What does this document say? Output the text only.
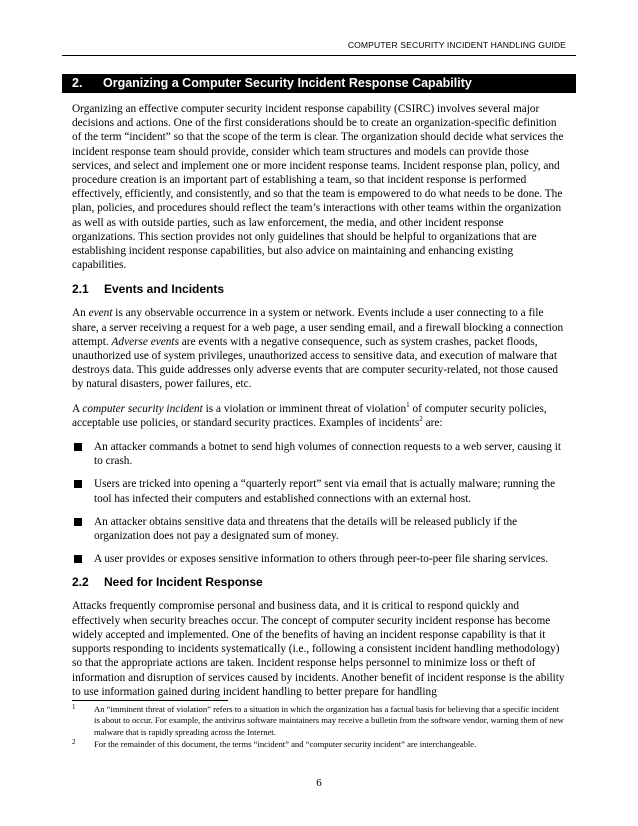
COMPUTER SECURITY INCIDENT HANDLING GUIDE
2. Organizing a Computer Security Incident Response Capability

Organizing an effective computer security incident response capability (CSIRC) involves several major decisions and actions. One of the first considerations should be to create an organization-specific definition of the term “incident” so that the scope of the term is clear. The organization should decide what services the incident response team should provide, consider which team structures and models can provide those services, and select and implement one or more incident response teams. Incident response plan, policy, and procedure creation is an important part of establishing a team, so that incident response is performed effectively, efficiently, and consistently, and so that the team is empowered to do what needs to be done. The plan, policies, and procedures should reflect the team’s interactions with other teams within the organization as well as with outside parties, such as law enforcement, the media, and other incident response organizations. This section provides not only guidelines that should be helpful to organizations that are establishing incident response capabilities, but also advice on maintaining and enhancing existing capabilities.

2.1 Events and Incidents

An event is any observable occurrence in a system or network. Events include a user connecting to a file share, a server receiving a request for a web page, a user sending email, and a firewall blocking a connection attempt. Adverse events are events with a negative consequence, such as system crashes, packet floods, unauthorized use of system privileges, unauthorized access to sensitive data, and execution of malware that destroys data. This guide addresses only adverse events that are computer security-related, not those caused by natural disasters, power failures, etc.

A computer security incident is a violation or imminent threat of violation$^1$ of computer security policies, acceptable use policies, or standard security practices. Examples of incidents$^2$ are:

An attacker commands a botnet to send high volumes of connection requests to a web server, causing it to crash.
Users are tricked into opening a “quarterly report” sent via email that is actually malware; running the tool has infected their computers and established connections with an external host.
An attacker obtains sensitive data and threatens that the details will be released publicly if the organization does not pay a designated sum of money.
A user provides or exposes sensitive information to others through peer-to-peer file sharing services.
2.2 Need for Incident Response

Attacks frequently compromise personal and business data, and it is critical to respond quickly and effectively when security breaches occur. The concept of computer security incident response has become widely accepted and implemented. One of the benefits of having an incident response capability is that it supports responding to incidents systematically (i.e., following a consistent incident handling methodology) so that the appropriate actions are taken. Incident response helps personnel to minimize loss or theft of information and disruption of services caused by incidents. Another benefit of incident response is the ability to use information gained during incident handling to better prepare for handling

1 An “imminent threat of violation” refers to a situation in which the organization has a factual basis for believing that a specific incident is about to occur. For example, the antivirus software maintainers may receive a bulletin from the software vendor, warning them of new malware that is rapidly spreading across the Internet.
2 For the remainder of this document, the terms “incident” and “computer security incident” are interchangeable.
6
